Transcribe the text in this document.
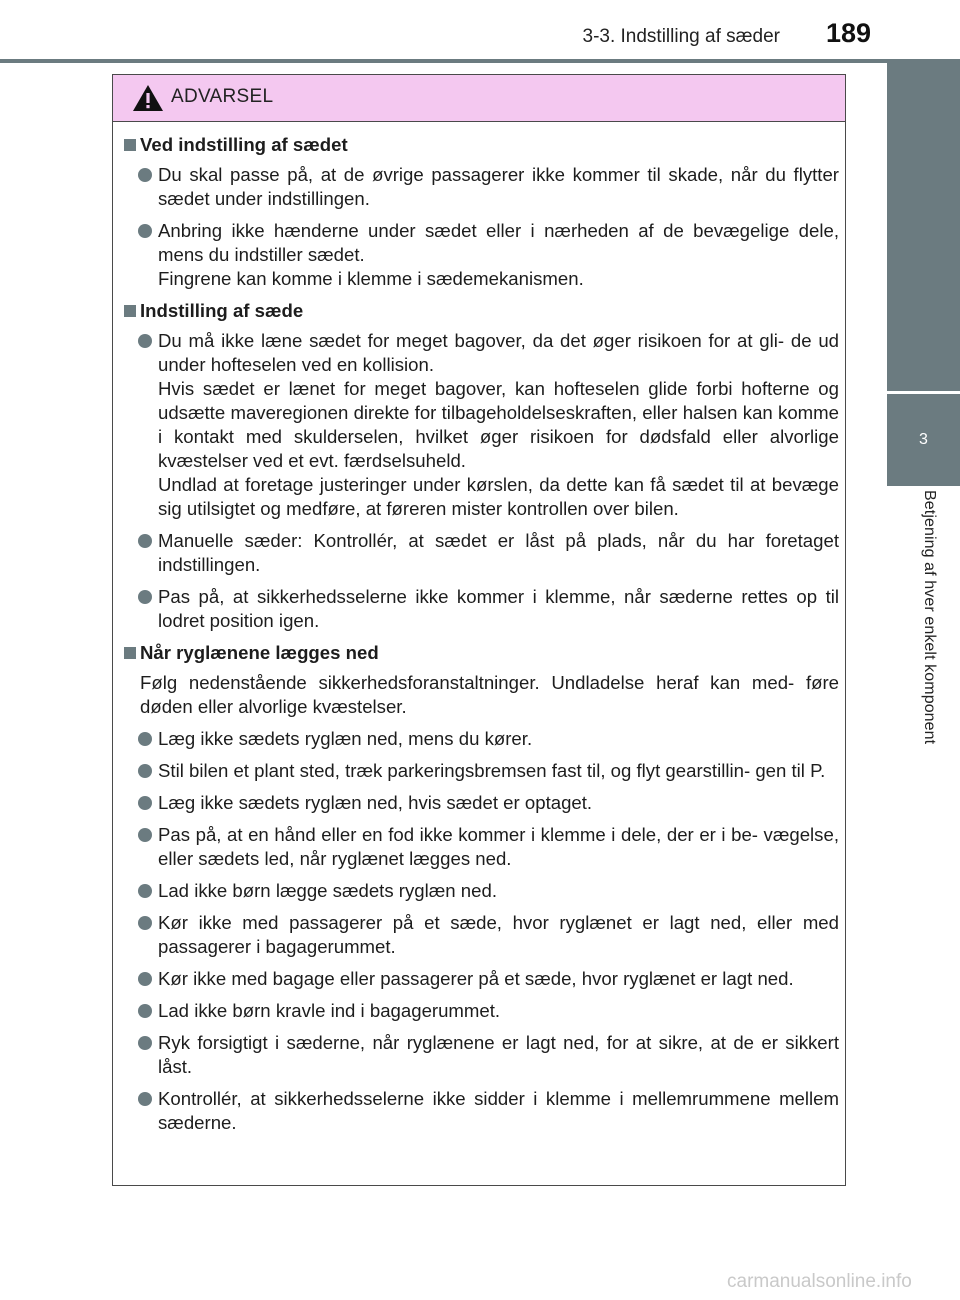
3-3. Indstilling af sæder 189
3
Betjening af hver enkelt komponent
ADVARSEL
Ved indstilling af sædet

Du skal passe på, at de øvrige passagerer ikke kommer til skade, når du flytter sædet under indstillingen.

Anbring ikke hænderne under sædet eller i nærheden af de bevægelige dele, mens du indstiller sædet.

Fingrene kan komme i klemme i sædemekanismen.

Indstilling af sæde

Du må ikke læne sædet for meget bagover, da det øger risikoen for at gli- de ud under hofteselen ved en kollision.

Hvis sædet er lænet for meget bagover, kan hofteselen glide forbi hofterne og udsætte maveregionen direkte for tilbageholdelseskraften, eller halsen kan komme i kontakt med skulderselen, hvilket øger risikoen for dødsfald eller alvorlige kvæstelser ved et evt. færdselsuheld.

Undlad at foretage justeringer under kørslen, da dette kan få sædet til at bevæge sig utilsigtet og medføre, at føreren mister kontrollen over bilen.

Manuelle sæder: Kontrollér, at sædet er låst på plads, når du har foretaget indstillingen.

Pas på, at sikkerhedsselerne ikke kommer i klemme, når sæderne rettes op til lodret position igen.

Når ryglænene lægges ned
Følg nedenstående sikkerhedsforanstaltninger. Undladelse heraf kan med- føre døden eller alvorlige kvæstelser.

Læg ikke sædets ryglæn ned, mens du kører.

Stil bilen et plant sted, træk parkeringsbremsen fast til, og flyt gearstillin- gen til P.

Læg ikke sædets ryglæn ned, hvis sædet er optaget.

Pas på, at en hånd eller en fod ikke kommer i klemme i dele, der er i be- vægelse, eller sædets led, når ryglænet lægges ned.

Lad ikke børn lægge sædets ryglæn ned.

Kør ikke med passagerer på et sæde, hvor ryglænet er lagt ned, eller med passagerer i bagagerummet.

Kør ikke med bagage eller passagerer på et sæde, hvor ryglænet er lagt ned.

Lad ikke børn kravle ind i bagagerummet.

Ryk forsigtigt i sæderne, når ryglænene er lagt ned, for at sikre, at de er sikkert låst.

Kontrollér, at sikkerhedsselerne ikke sidder i klemme i mellemrummene mellem sæderne.

carmanualsonline.info
